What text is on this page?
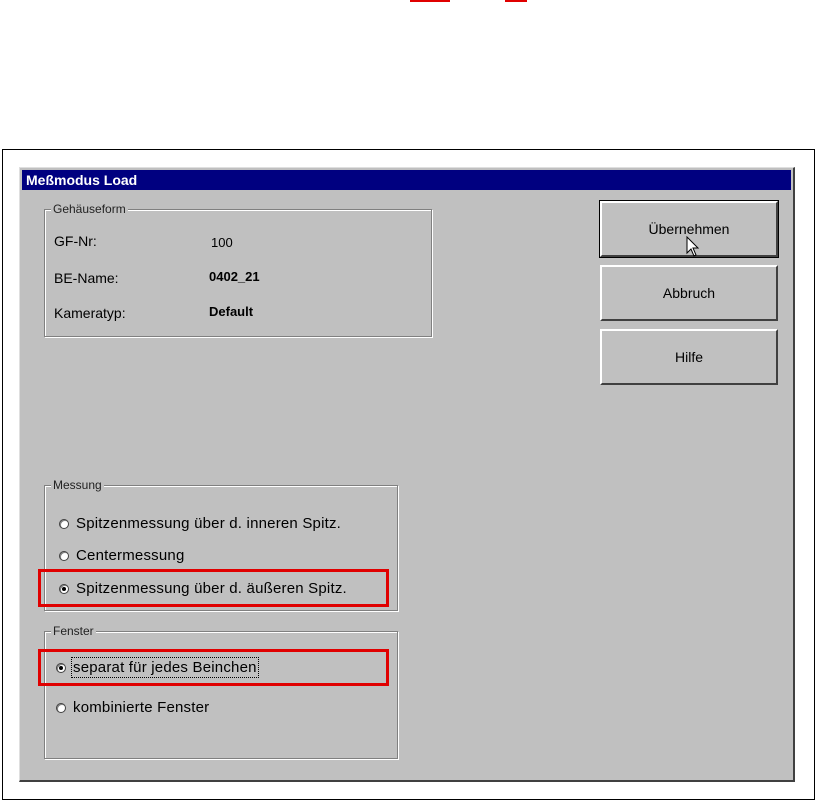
Meßmodus Load
Gehäuseform
GF-Nr:	100
BE-Name:	0402_21
Kameratyp:	Default
Übernehmen
Abbruch
Hilfe
Messung
Spitzenmessung über d. inneren Spitz.
Centermessung
Spitzenmessung über d. äußeren Spitz.
Fenster
separat für jedes Beinchen
kombinierte Fenster
